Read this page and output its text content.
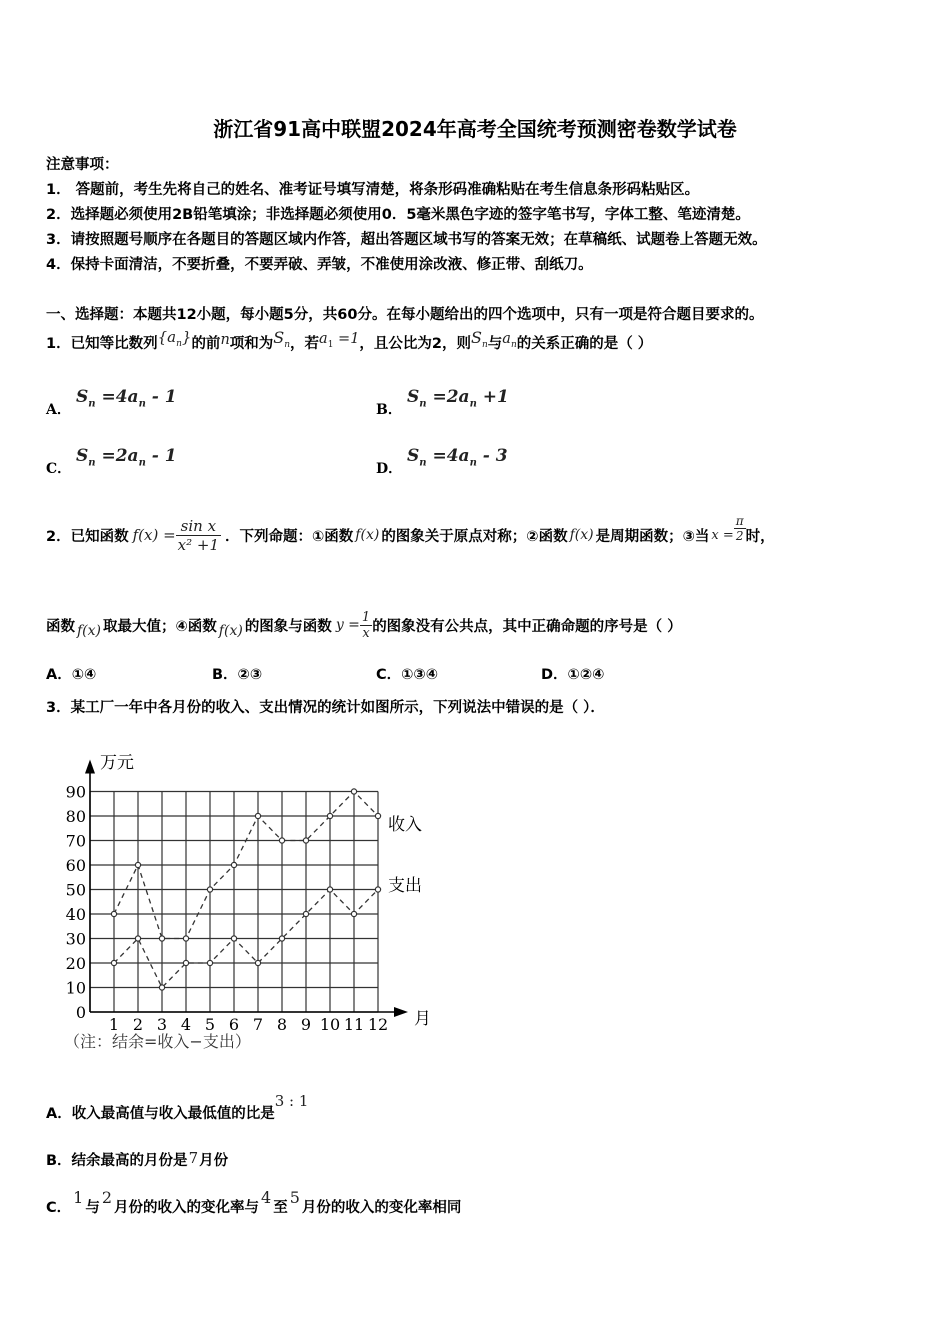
浙江省91高中联盟2024年高考全国统考预测密卷数学试卷
注意事项：
1． 答题前，考生先将自己的姓名、准考证号填写清楚，将条形码准确粘贴在考生信息条形码粘贴区。
2．选择题必须使用2B铅笔填涂；非选择题必须使用0．5毫米黑色字迹的签字笔书写，字体工整、笔迹清楚。
3．请按照题号顺序在各题目的答题区域内作答，超出答题区域书写的答案无效；在草稿纸、试题卷上答题无效。
4．保持卡面清洁，不要折叠，不要弄破、弄皱，不准使用涂改液、修正带、刮纸刀。
一、选择题：本题共12小题，每小题5分，共60分。在每小题给出的四个选项中，只有一项是符合题目要求的。
1．已知等比数列$\{a_n\}$的前n项和为$S_n$，若$a_1 =1$，且公比为2，则$S_n$与$a_n$的关系正确的是（ ）
A．
$S_n =4a_n - 1$
B．
$S_n =2a_n +1$
C．
$S_n =2a_n - 1$
D．
$S_n =4a_n - 3$
2．已知函数 $f(x) = \frac{\text{sin x}}{\text{x² +1}}$ ．下列命题：①函数 f(x) 的图象关于原点对称；②函数 f(x) 是周期函数；③当 $x = \frac{\pi}{2}$ 时，
函数 f(x) 取最大值；④函数 f(x) 的图象与函数 $y = \frac{1}{x}$ 的图象没有公共点，其中正确命题的序号是（ ）
A．①④	B．②③	C．①③④	D．①②④
3．某工厂一年中各月份的收入、支出情况的统计如图所示，下列说法中错误的是（ ）．
0
10
20
30
40
50
60
70
80
90
1 2 3 4 5 6 7 8 9 10 11 12
万元
月
收入
支出
（注：结余=收入−支出）
A．收入最高值与收入最低值的比是3 : 1
B．结余最高的月份是7月份
C．1与2月份的收入的变化率与4至5月份的收入的变化率相同
